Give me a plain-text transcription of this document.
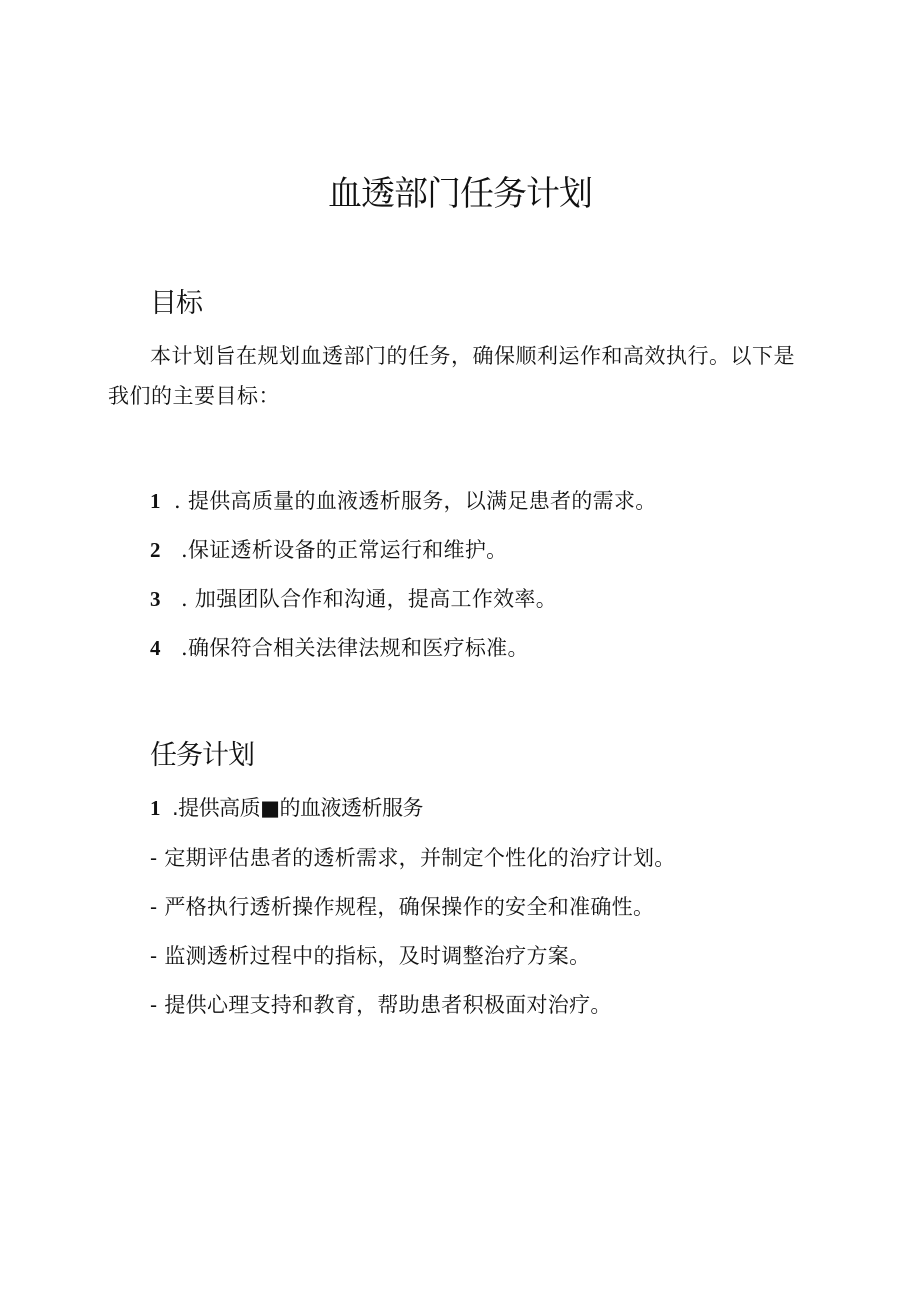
血透部门任务计划
目标

本计划旨在规划血透部门的任务，确保顺利运作和高效执行。以下是我们的主要目标：

1 . 提供高质量的血液透析服务，以满足患者的需求。
2 .保证透析设备的正常运行和维护。
3 . 加强团队合作和沟通，提高工作效率。
4 .确保符合相关法律法规和医疗标准。
任务计划
1 .提供高质■的血液透析服务
- 定期评估患者的透析需求，并制定个性化的治疗计划。
- 严格执行透析操作规程，确保操作的安全和准确性。
- 监测透析过程中的指标，及时调整治疗方案。
- 提供心理支持和教育，帮助患者积极面对治疗。
